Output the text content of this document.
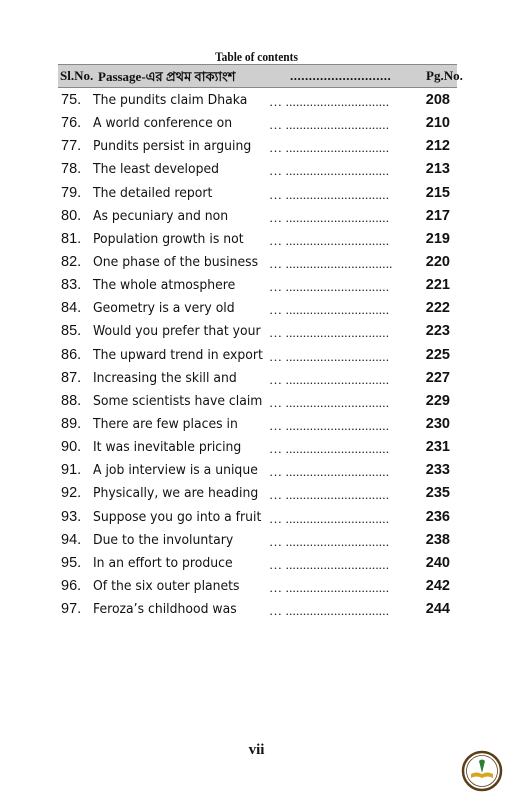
Table of contents
Sl.No. Passage-এর প্রথম বাক্যাংশ	...........................	Pg.No.
75. The pundits claim Dhaka … ..............................	208
76. A world conference on	… ..............................	210
77. Pundits persist in arguing … ..............................	212
78. The least developed	… ..............................	213
79. The detailed report	… ..............................	215
80. As pecuniary and non	… ..............................	217
81. Population growth is not … ..............................	219
82. One phase of the business … ............................... 220
83. The whole atmosphere	… ..............................	221
84. Geometry is a very old	… ..............................	222
85. Would you prefer that your … ..............................	223
86. The upward trend in export … ..............................	225
87. Increasing the skill and … ..............................	227
88. Some scientists have claim … ..............................	229
89. There are few places in … ..............................	230
90. It was inevitable pricing … ..............................	231
91. A job interview is a unique … ..............................	233
92. Physically, we are heading … ..............................	235
93. Suppose you go into a fruit … ..............................	236
94. Due to the involuntary	… ..............................	238
95. In an effort to produce	… ..............................	240
96. Of the six outer planets … ..............................	242
97. Feroza’s childhood was … ..............................	244
vii
